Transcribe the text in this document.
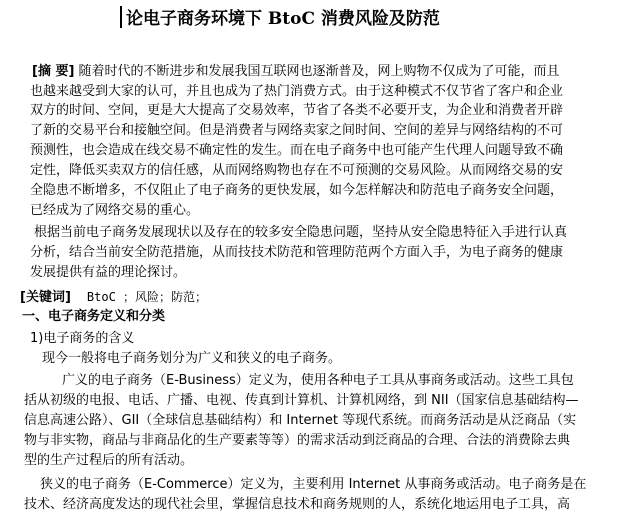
论电子商务环境下 BtoC 消费风险及防范
[摘 要] 随着时代的不断进步和发展我国互联网也逐渐普及，网上购物不仅成为了可能，而且
也越来越受到大家的认可，并且也成为了热门消费方式。由于这种模式不仅节省了客户和企业
双方的时间、空间，更是大大提高了交易效率，节省了各类不必要开支，为企业和消费者开辟
了新的交易平台和接触空间。但是消费者与网络卖家之间时间、空间的差异与网络结构的不可
预测性，也会造成在线交易不确定性的发生。而在电子商务中也可能产生代理人问题导致不确
定性，降低买卖双方的信任感，从而网络购物也存在不可预测的交易风险。从而网络交易的安
全隐患不断增多，不仅阻止了电子商务的更快发展，如今怎样解决和防范电子商务安全问题，
已经成为了网络交易的重心。
根据当前电子商务发展现状以及存在的较多安全隐患问题，坚持从安全隐患特征入手进行认真
分析，结合当前安全防范措施，从而技技术防范和管理防范两个方面入手，为电子商务的健康
发展提供有益的理论探讨。
[关键词] BtoC ；风险；防范；
一、电子商务定义和分类
1)电子商务的含义
现今一般将电子商务划分为广义和狭义的电子商务。
广义的电子商务（E-Business）定义为，使用各种电子工具从事商务或活动。这些工具包
括从初级的电报、电话、广播、电视、传真到计算机、计算机网络，到 NII（国家信息基础结构—
信息高速公路）、GII（全球信息基础结构）和 Internet 等现代系统。而商务活动是从泛商品（实
物与非实物，商品与非商品化的生产要素等等）的需求活动到泛商品的合理、合法的消费除去典
型的生产过程后的所有活动。
狭义的电子商务（E-Commerce）定义为，主要利用 Internet 从事商务或活动。电子商务是在
技术、经济高度发达的现代社会里，掌握信息技术和商务规则的人，系统化地运用电子工具，高
